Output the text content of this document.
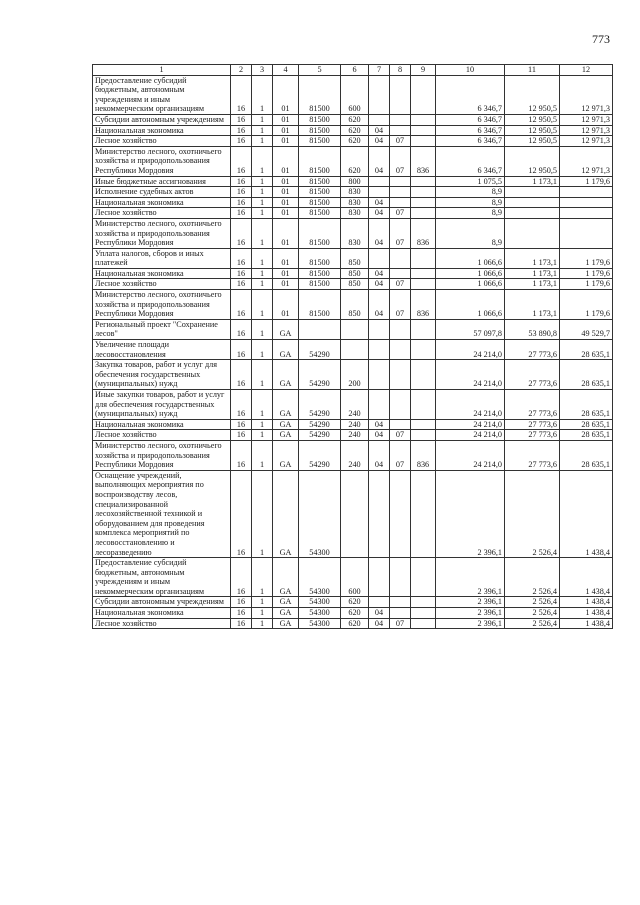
773
1	2	3	4	5	6	7	8	9	10	11	12
Предоставление субсидий бюджетным, автономным учреждениям и иным некоммерческим организациям	16	1	01	81500	600				6 346,7	12 950,5	12 971,3
Субсидии автономным учреждениям	16	1	01	81500	620				6 346,7	12 950,5	12 971,3
Национальная экономика	16	1	01	81500	620	04			6 346,7	12 950,5	12 971,3
Лесное хозяйство	16	1	01	81500	620	04	07		6 346,7	12 950,5	12 971,3
Министерство лесного, охотничьего хозяйства и природопользования Республики Мордовия	16	1	01	81500	620	04	07	836	6 346,7	12 950,5	12 971,3
Иные бюджетные ассигнования	16	1	01	81500	800				1 075,5	1 173,1	1 179,6
Исполнение судебных актов	16	1	01	81500	830				8,9		
Национальная экономика	16	1	01	81500	830	04			8,9		
Лесное хозяйство	16	1	01	81500	830	04	07		8,9		
Министерство лесного, охотничьего хозяйства и природопользования Республики Мордовия	16	1	01	81500	830	04	07	836	8,9		
Уплата налогов, сборов и иных платежей	16	1	01	81500	850				1 066,6	1 173,1	1 179,6
Национальная экономика	16	1	01	81500	850	04			1 066,6	1 173,1	1 179,6
Лесное хозяйство	16	1	01	81500	850	04	07		1 066,6	1 173,1	1 179,6
Министерство лесного, охотничьего хозяйства и природопользования Республики Мордовия	16	1	01	81500	850	04	07	836	1 066,6	1 173,1	1 179,6
Региональный проект "Сохранение лесов"	16	1	GA						57 097,8	53 890,8	49 529,7
Увеличение площади лесовосстановления	16	1	GA	54290					24 214,0	27 773,6	28 635,1
Закупка товаров, работ и услуг для обеспечения государственных (муниципальных) нужд	16	1	GA	54290	200				24 214,0	27 773,6	28 635,1
Иные закупки товаров, работ и услуг для обеспечения государственных (муниципальных) нужд	16	1	GA	54290	240				24 214,0	27 773,6	28 635,1
Национальная экономика	16	1	GA	54290	240	04			24 214,0	27 773,6	28 635,1
Лесное хозяйство	16	1	GA	54290	240	04	07		24 214,0	27 773,6	28 635,1
Министерство лесного, охотничьего хозяйства и природопользования Республики Мордовия	16	1	GA	54290	240	04	07	836	24 214,0	27 773,6	28 635,1
Оснащение учреждений, выполняющих мероприятия по воспроизводству лесов, специализированной лесохозяйственной техникой и оборудованием для проведения комплекса мероприятий по лесовосстановлению и лесоразведению	16	1	GA	54300					2 396,1	2 526,4	1 438,4
Предоставление субсидий бюджетным, автономным учреждениям и иным некоммерческим организациям	16	1	GA	54300	600				2 396,1	2 526,4	1 438,4
Субсидии автономным учреждениям	16	1	GA	54300	620				2 396,1	2 526,4	1 438,4
Национальная экономика	16	1	GA	54300	620	04			2 396,1	2 526,4	1 438,4
Лесное хозяйство	16	1	GA	54300	620	04	07		2 396,1	2 526,4	1 438,4
